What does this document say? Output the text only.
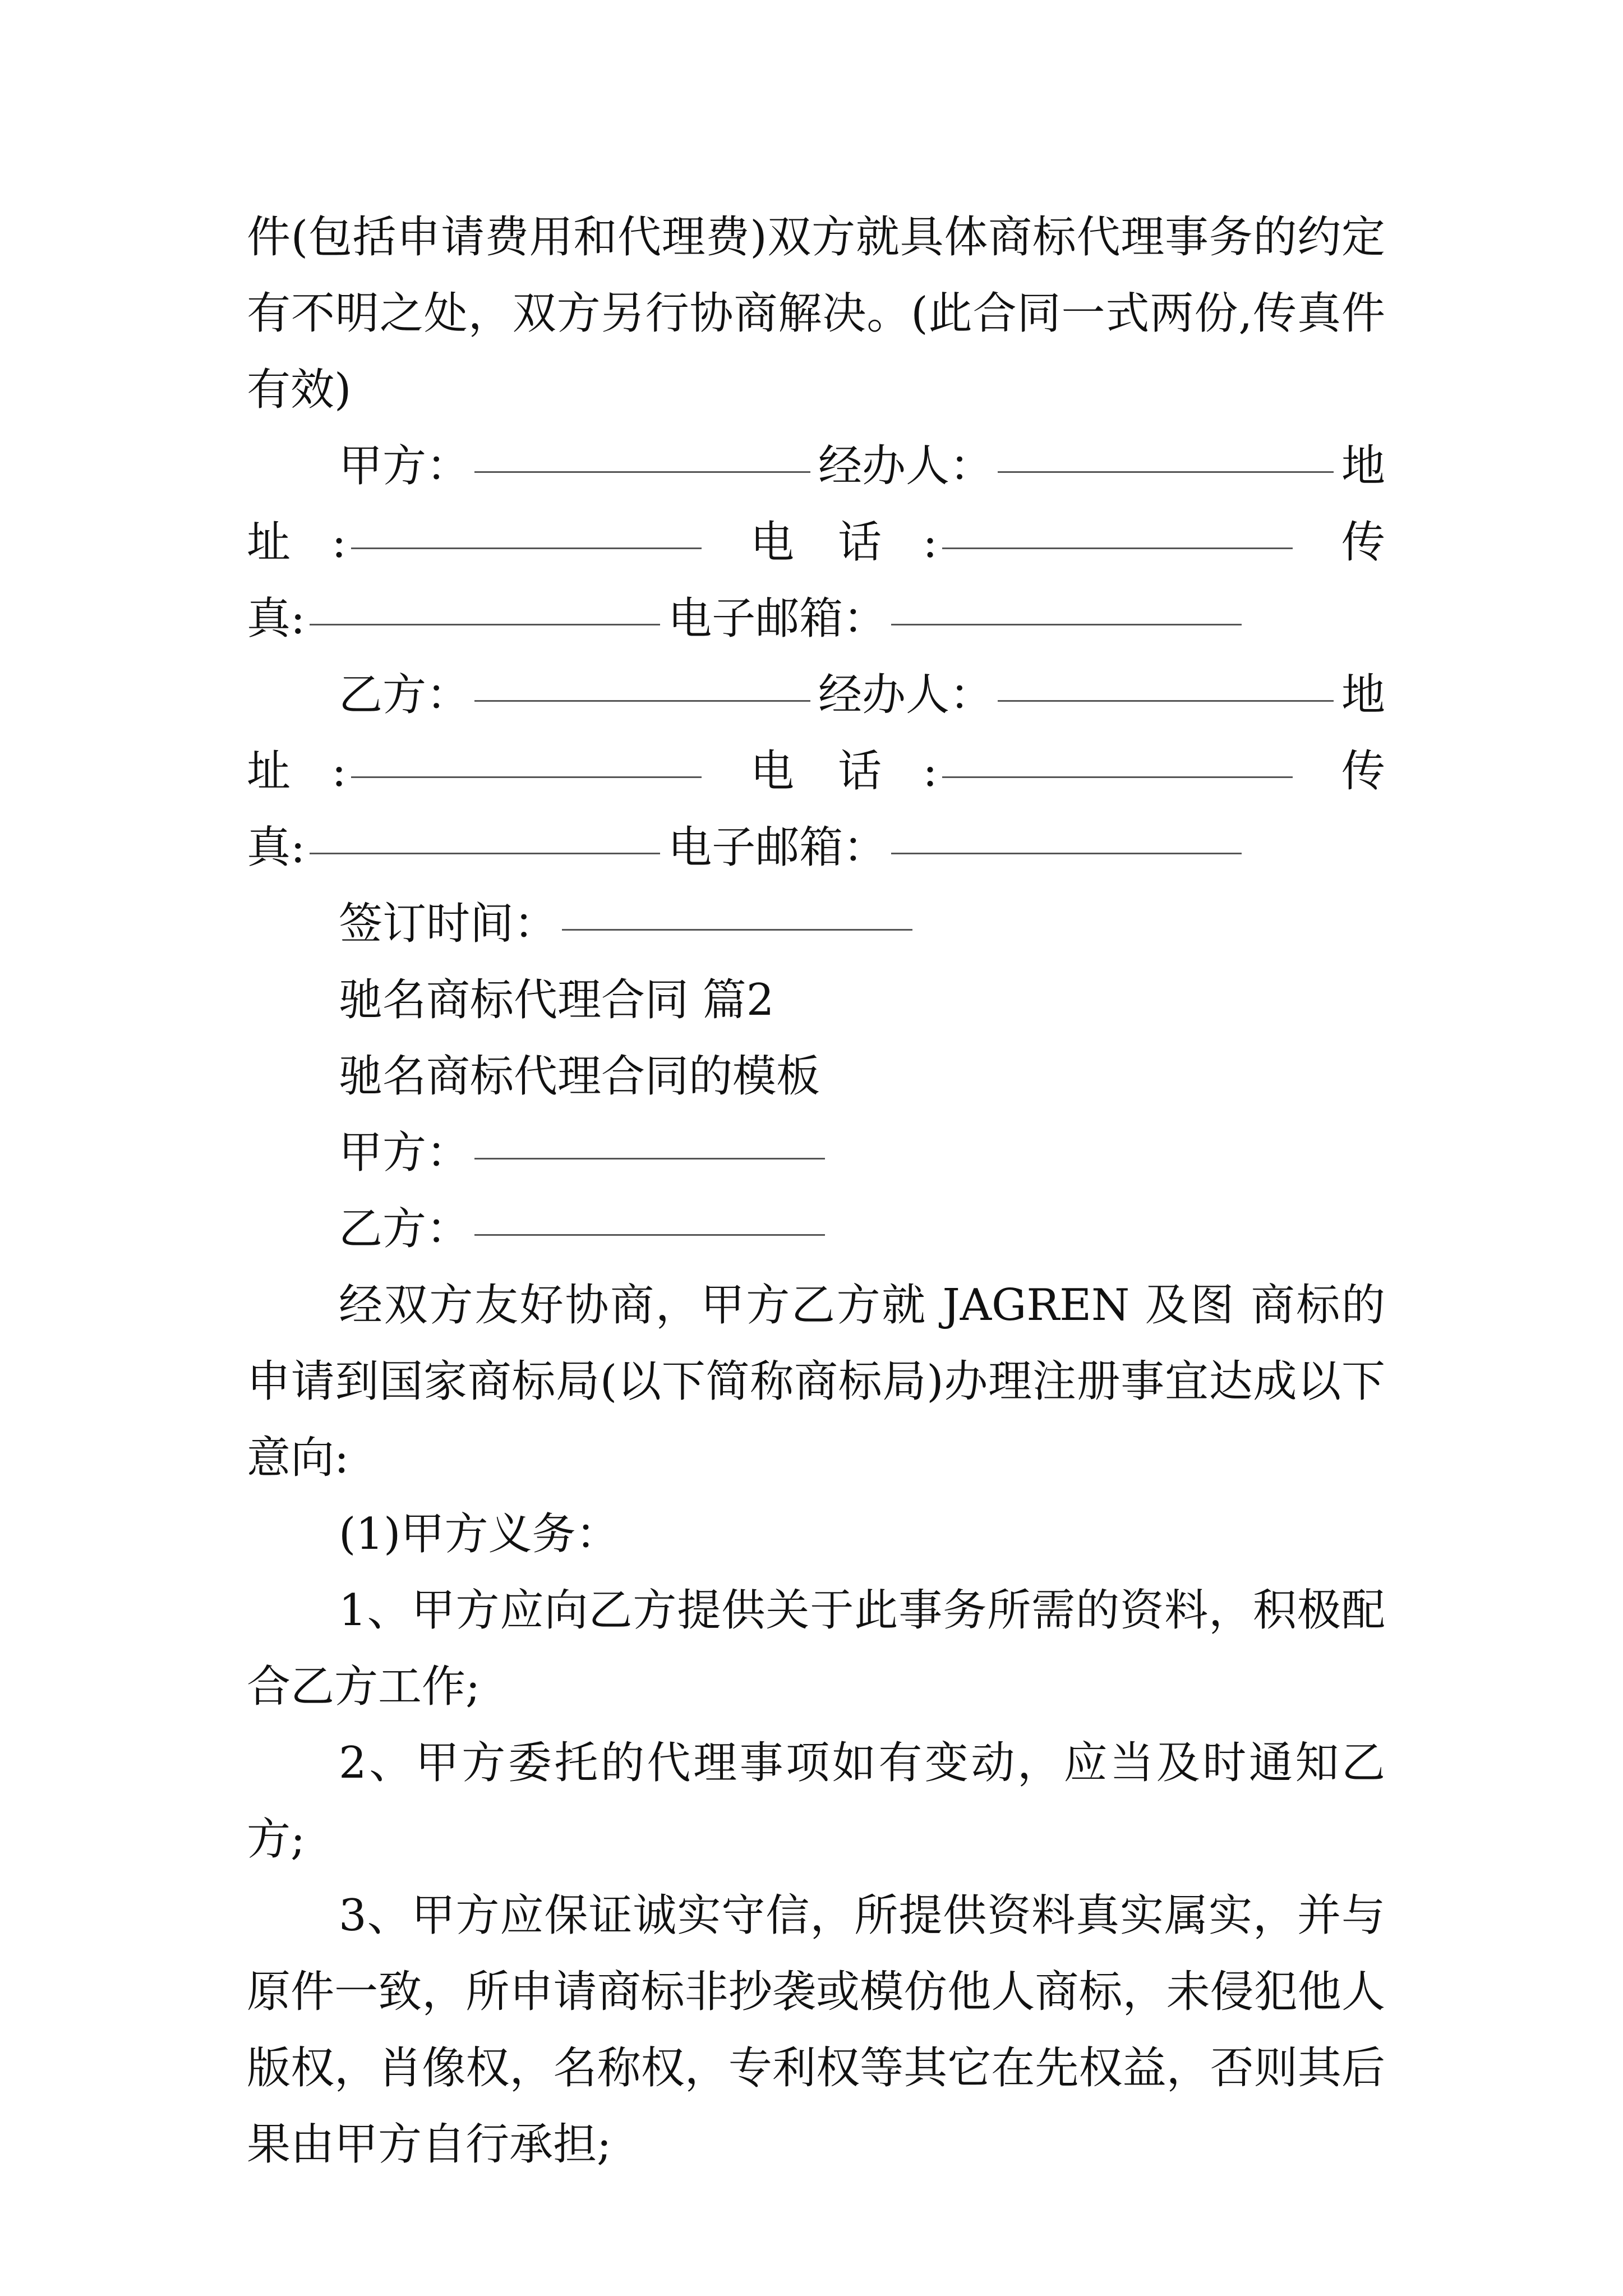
件(包括申请费用和代理费)双方就具体商标代理事务的约定有不明之处，双方另行协商解决。(此合同一式两份,传真件有效)

甲方：	经办人：	地
址 :	电　话 :	传
真:	电子邮箱：
乙方：	经办人：	地
址 :	电　话 :	传
真:	电子邮箱：
签订时间：
驰名商标代理合同 篇2
驰名商标代理合同的模板
甲方：
乙方：

经双方友好协商，甲方乙方就 JAGREN 及图 商标的申请到国家商标局(以下简称商标局)办理注册事宜达成以下意向:

(1)甲方义务：

1、甲方应向乙方提供关于此事务所需的资料，积极配合乙方工作;

2、甲方委托的代理事项如有变动，应当及时通知乙方;

3、甲方应保证诚实守信，所提供资料真实属实，并与原件一致，所申请商标非抄袭或模仿他人商标，未侵犯他人版权，肖像权，名称权，专利权等其它在先权益，否则其后果由甲方自行承担;
